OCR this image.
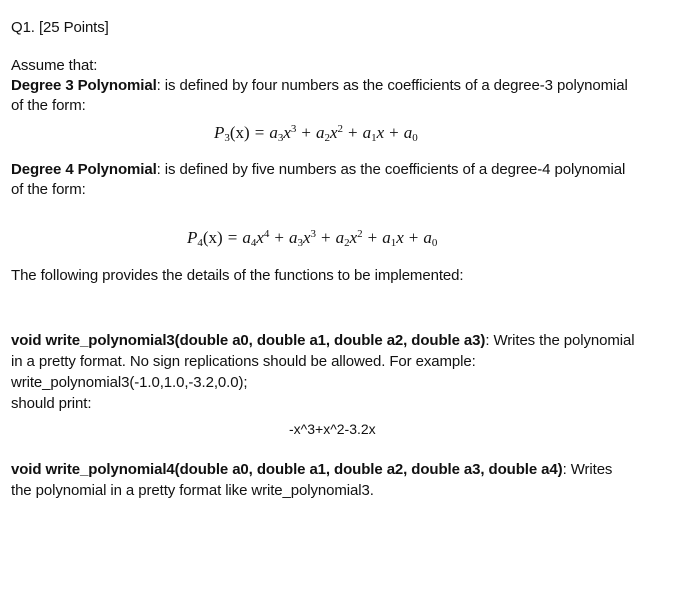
Q1. [25 Points]
Assume that:
Degree 3 Polynomial: is defined by four numbers as the coefficients of a degree-3 polynomial
of the form:
$P_3(x) = a_3x^3 + a_2x^2 + a_1x + a_0$
Degree 4 Polynomial: is defined by five numbers as the coefficients of a degree-4 polynomial
of the form:
$P_4(x) = a_4x^4 + a_3x^3 + a_2x^2 + a_1x + a_0$
The following provides the details of the functions to be implemented:
void write_polynomial3(double a0, double a1, double a2, double a3): Writes the polynomial
in a pretty format. No sign replications should be allowed. For example:
write_polynomial3(-1.0,1.0,-3.2,0.0);
should print:
-x^3+x^2-3.2x
void write_polynomial4(double a0, double a1, double a2, double a3, double a4): Writes
the polynomial in a pretty format like write_polynomial3.
